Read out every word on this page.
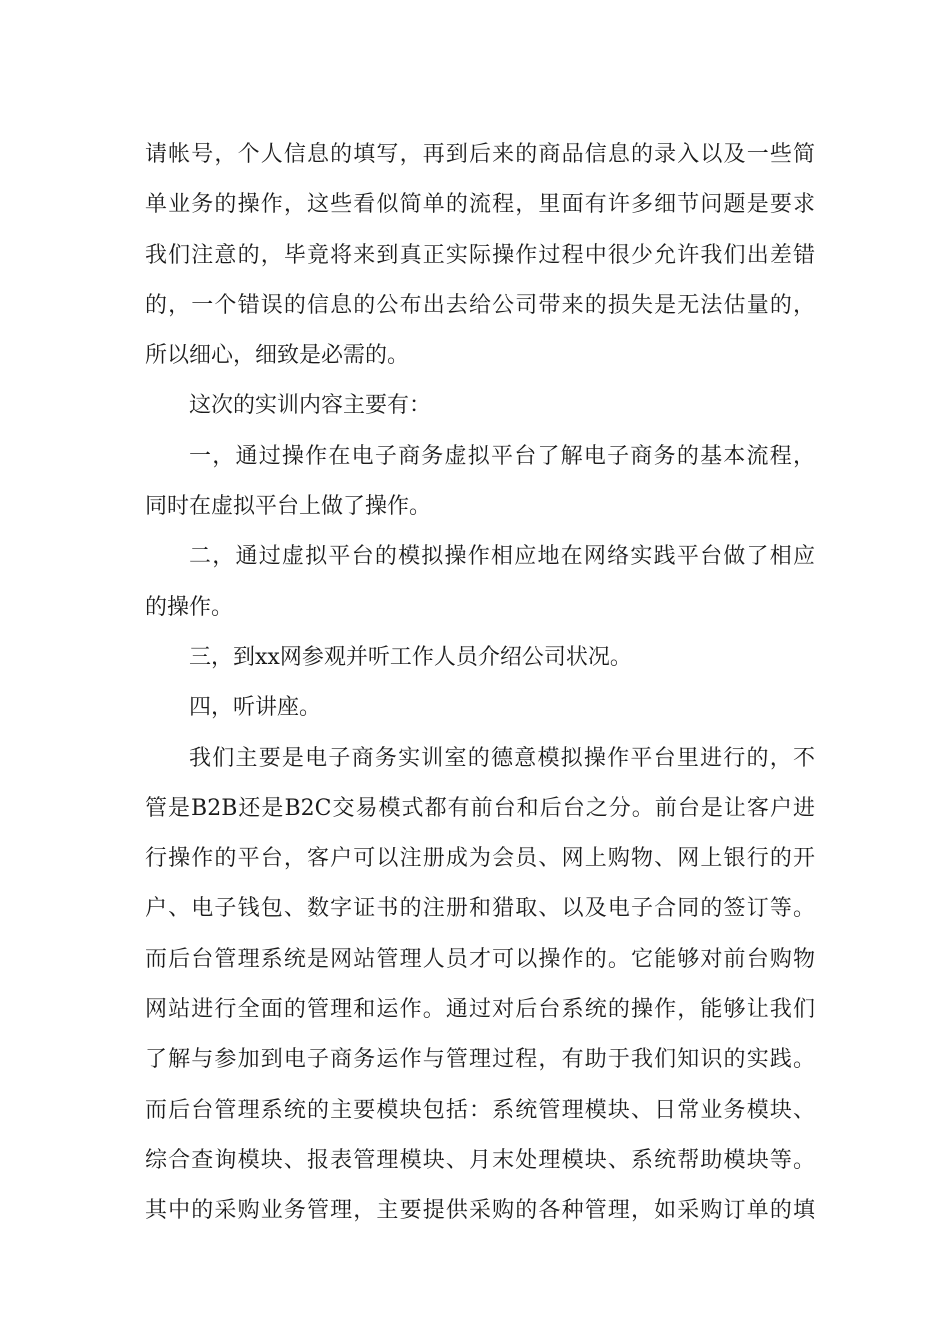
请帐号，个人信息的填写，再到后来的商品信息的录入以及一些简
单业务的操作，这些看似简单的流程，里面有许多细节问题是要求
我们注意的，毕竟将来到真正实际操作过程中很少允许我们出差错
的，一个错误的信息的公布出去给公司带来的损失是无法估量的，
所以细心，细致是必需的。
这次的实训内容主要有：
一，通过操作在电子商务虚拟平台了解电子商务的基本流程，
同时在虚拟平台上做了操作。
二，通过虚拟平台的模拟操作相应地在网络实践平台做了相应
的操作。
三，到xx网参观并听工作人员介绍公司状况。
四，听讲座。
我们主要是电子商务实训室的德意模拟操作平台里进行的，不
管是B2B还是B2C交易模式都有前台和后台之分。前台是让客户进
行操作的平台，客户可以注册成为会员、网上购物、网上银行的开
户、电子钱包、数字证书的注册和猎取、以及电子合同的签订等。
而后台管理系统是网站管理人员才可以操作的。它能够对前台购物
网站进行全面的管理和运作。通过对后台系统的操作，能够让我们
了解与参加到电子商务运作与管理过程，有助于我们知识的实践。
而后台管理系统的主要模块包括：系统管理模块、日常业务模块、
综合查询模块、报表管理模块、月末处理模块、系统帮助模块等。
其中的采购业务管理，主要提供采购的各种管理，如采购订单的填
